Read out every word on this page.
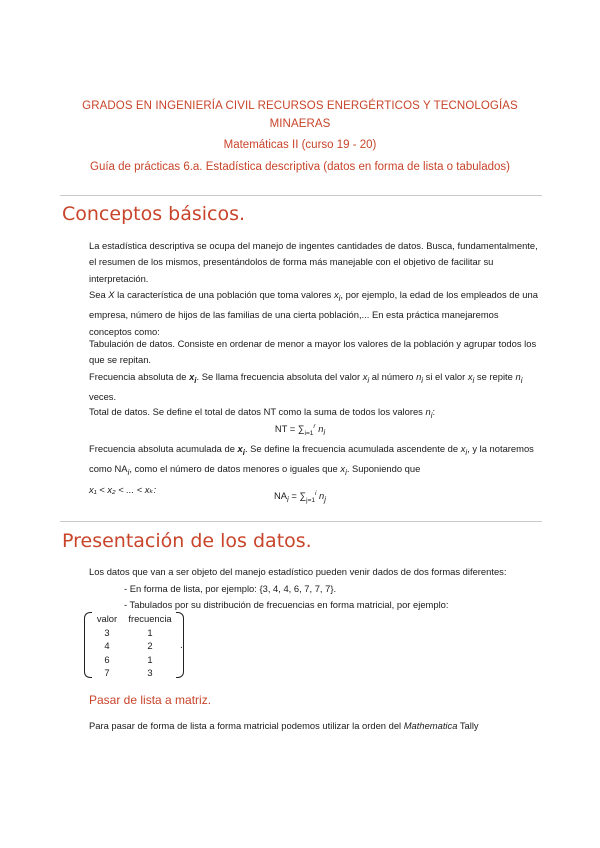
GRADOS EN INGENIERÍA CIVIL RECURSOS ENERGÉRTICOS Y TECNOLOGÍAS MINAERAS
Matemáticas II (curso 19 - 20)
Guía de prácticas 6.a. Estadística descriptiva (datos en forma de lista o tabulados)
Conceptos básicos.
La estadística descriptiva se ocupa del manejo de ingentes cantidades de datos. Busca, fundamentalmente, el resumen de los mismos, presentándolos de forma más manejable con el objetivo de facilitar su interpretación.
Sea X la característica de una población que toma valores $x_i$, por ejemplo, la edad de los empleados de una empresa, número de hijos de las familias de una cierta población,... En esta práctica manejaremos conceptos como:
Tabulación de datos. Consiste en ordenar de menor a mayor los valores de la población y agrupar todos los que se repitan.
Frecuencia absoluta de $x_i$. Se llama frecuencia absoluta del valor $x_i$ al número $n_i$ si el valor $x_i$ se repite $n_i$ veces.
Total de datos. Se define el total de datos NT como la suma de todos los valores $n_i$:
NT = $\sum_{i=1}^r$ $n_i$
Frecuencia absoluta acumulada de $x_i$. Se define la frecuencia acumulada ascendente de $x_i$, y la notaremos como $NA_i$, como el número de datos menores o iguales que $x_i$. Suponiendo que
x₁ < x₂ < ... < xₖ:
$NA_i = \sum_{j=1}^i$ $n_j$
Presentación de los datos.
Los datos que van a ser objeto del manejo estadístico pueden venir dados de dos formas diferentes:
- En forma de lista, por ejemplo: {3, 4, 4, 6, 7, 7, 7}.
- Tabulados por su distribución de frecuencias en forma matricial, por ejemplo:
valor	frecuencia
3	1
4	2
6	1
7	3
.
Pasar de lista a matriz.
Para pasar de forma de lista a forma matricial podemos utilizar la orden del Mathematica Tally
